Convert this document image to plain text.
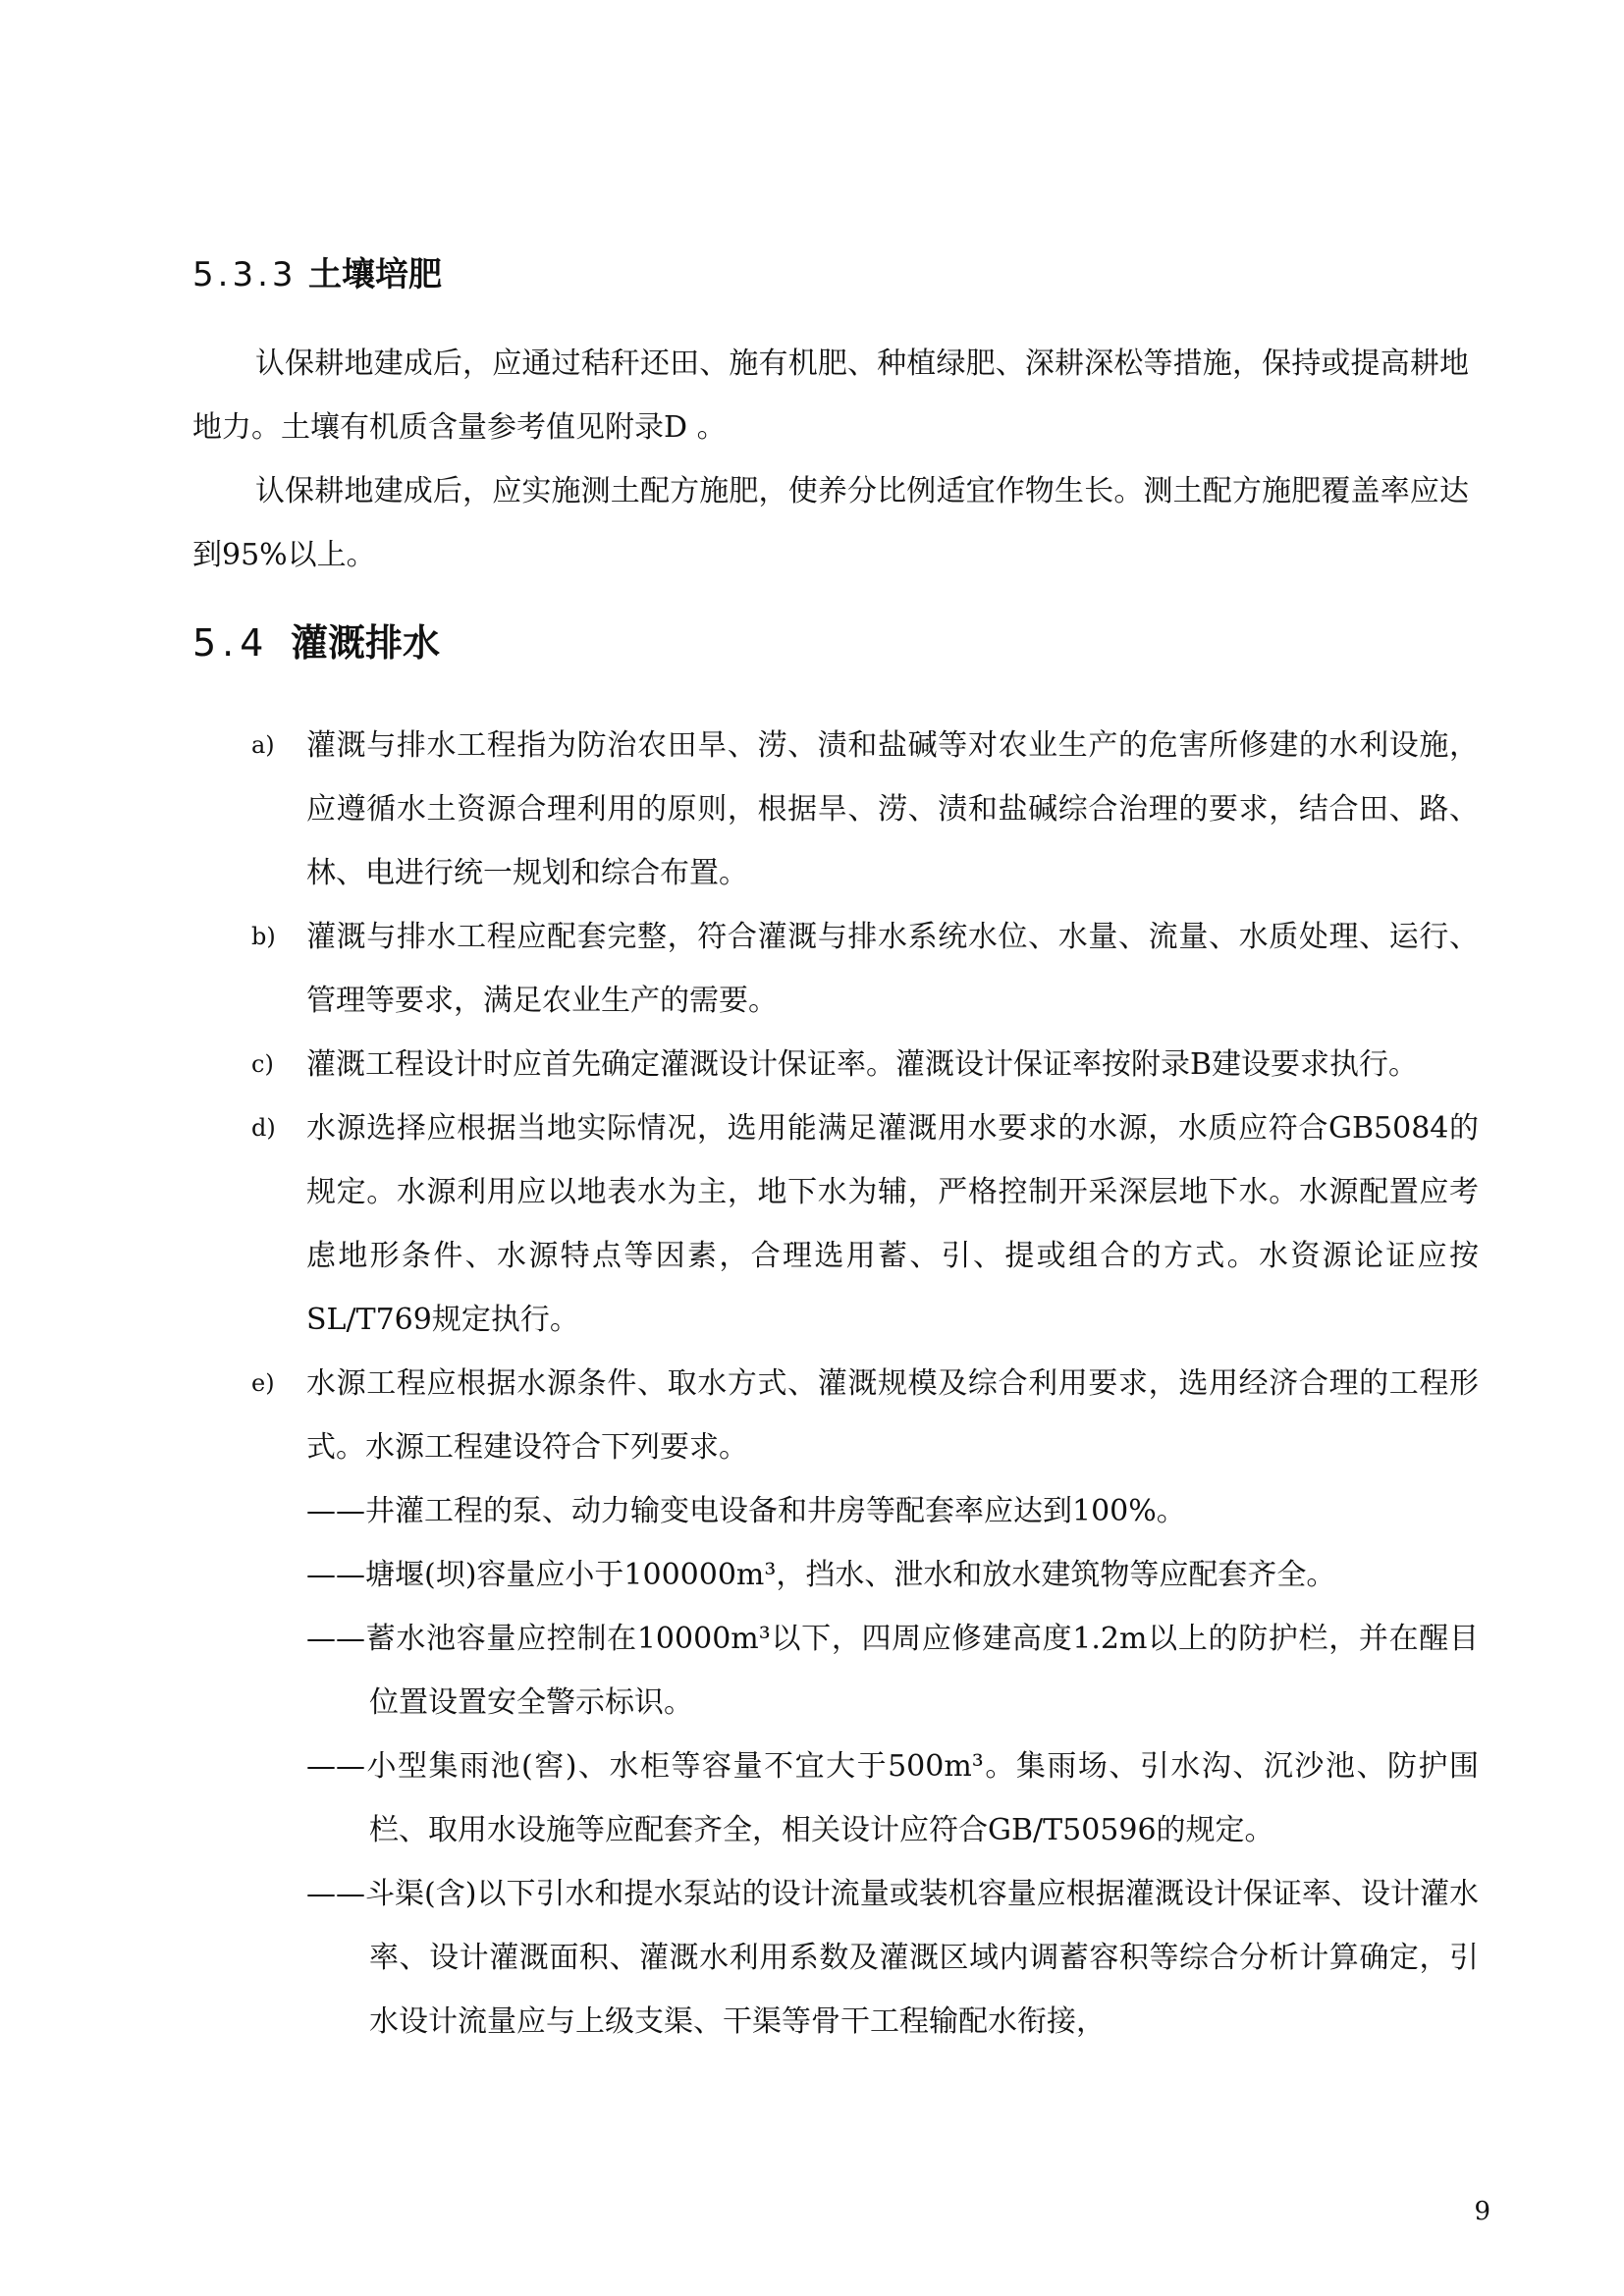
5.3.3 土壤培肥

认保耕地建成后，应通过秸秆还田、施有机肥、种植绿肥、深耕深松等措施，保持或提高耕地地力。土壤有机质含量参考值见附录D 。

认保耕地建成后，应实施测土配方施肥，使养分比例适宜作物生长。测土配方施肥覆盖率应达到95%以上。

5.4 灌溉排水
a) 灌溉与排水工程指为防治农田旱、涝、渍和盐碱等对农业生产的危害所修建的水利设施，应遵循水土资源合理利用的原则，根据旱、涝、渍和盐碱综合治理的要求，结合田、路、林、电进行统一规划和综合布置。
b) 灌溉与排水工程应配套完整，符合灌溉与排水系统水位、水量、流量、水质处理、运行、管理等要求，满足农业生产的需要。
c) 灌溉工程设计时应首先确定灌溉设计保证率。灌溉设计保证率按附录B建设要求执行。
d) 水源选择应根据当地实际情况，选用能满足灌溉用水要求的水源，水质应符合GB5084的规定。水源利用应以地表水为主，地下水为辅，严格控制开采深层地下水。水源配置应考虑地形条件、水源特点等因素，合理选用蓄、引、提或组合的方式。水资源论证应按SL/T769规定执行。
e) 水源工程应根据水源条件、取水方式、灌溉规模及综合利用要求，选用经济合理的工程形式。水源工程建设符合下列要求。
——井灌工程的泵、动力输变电设备和井房等配套率应达到100%。
——塘堰(坝)容量应小于100000m³，挡水、泄水和放水建筑物等应配套齐全。
——蓄水池容量应控制在10000m³以下，四周应修建高度1.2m以上的防护栏，并在醒目位置设置安全警示标识。
——小型集雨池(窖)、水柜等容量不宜大于500m³。集雨场、引水沟、沉沙池、防护围栏、取用水设施等应配套齐全，相关设计应符合GB/T50596的规定。
——斗渠(含)以下引水和提水泵站的设计流量或装机容量应根据灌溉设计保证率、设计灌水率、设计灌溉面积、灌溉水利用系数及灌溉区域内调蓄容积等综合分析计算确定，引水设计流量应与上级支渠、干渠等骨干工程输配水衔接，
9
